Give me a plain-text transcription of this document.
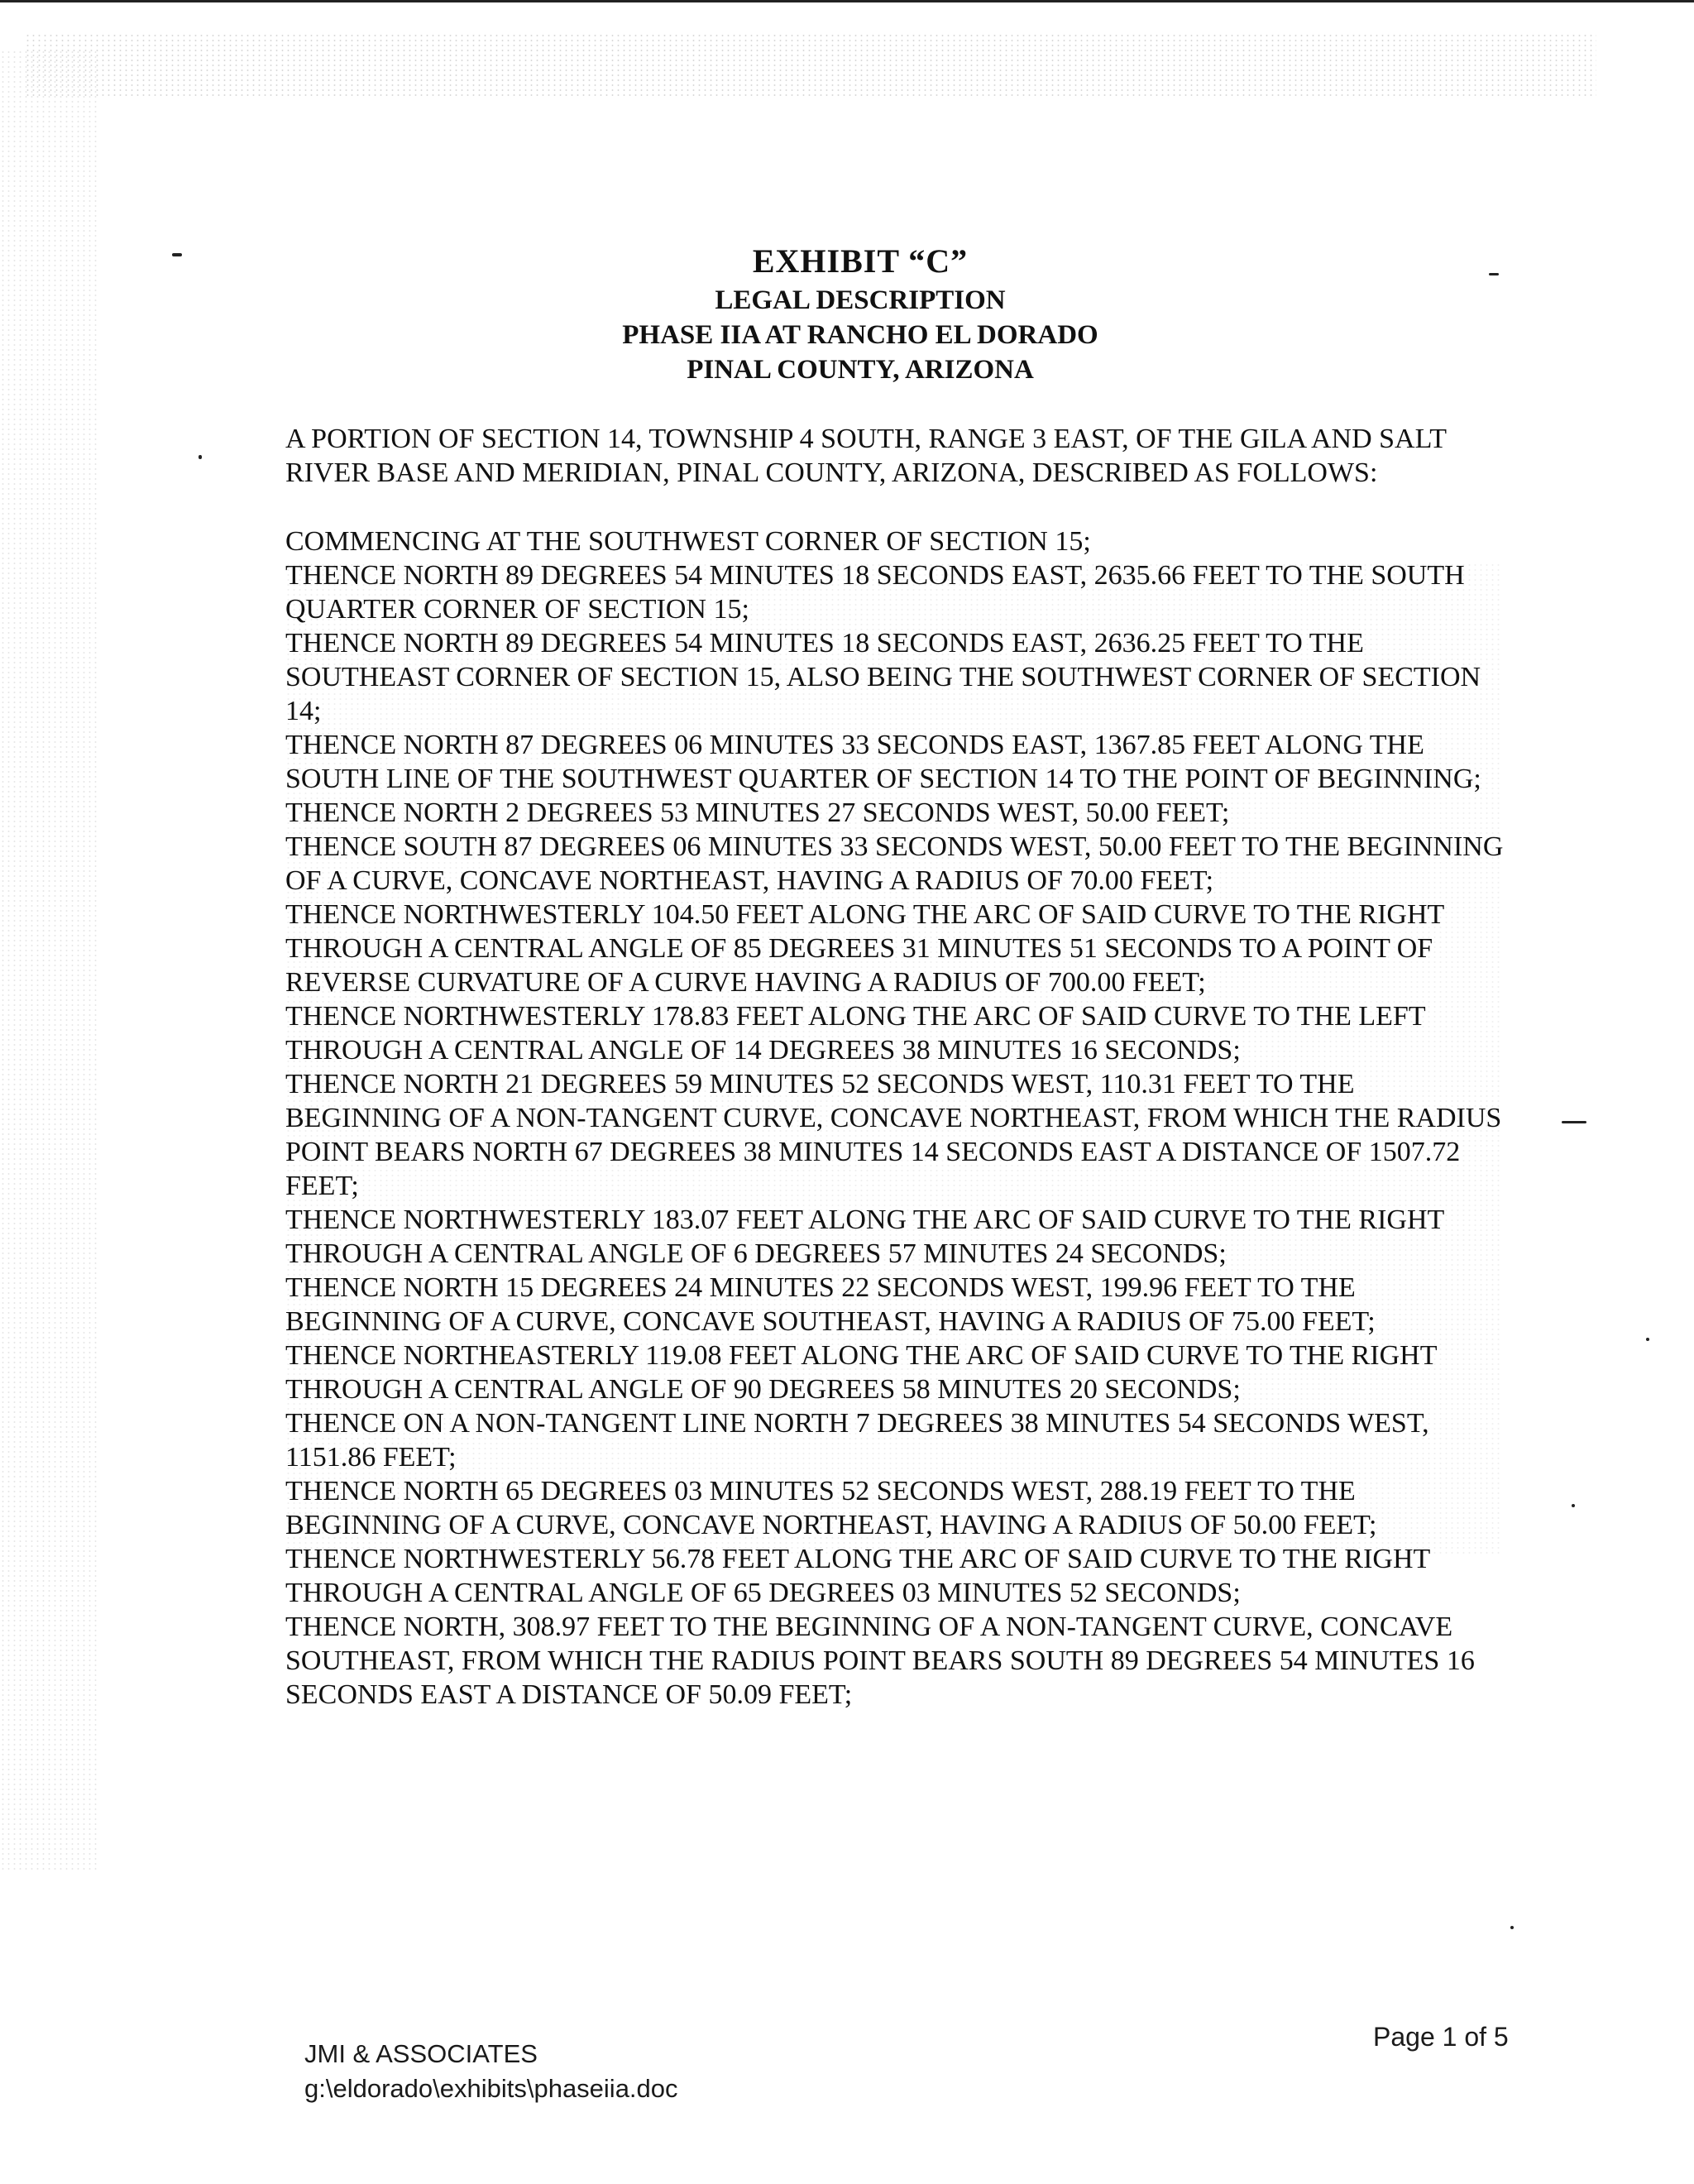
EXHIBIT “C”
LEGAL DESCRIPTION
PHASE IIA AT RANCHO EL DORADO
PINAL COUNTY, ARIZONA

A PORTION OF SECTION 14, TOWNSHIP 4 SOUTH, RANGE 3 EAST, OF THE GILA AND SALT RIVER BASE AND MERIDIAN, PINAL COUNTY, ARIZONA, DESCRIBED AS FOLLOWS:

COMMENCING AT THE SOUTHWEST CORNER OF SECTION 15;

THENCE NORTH 89 DEGREES 54 MINUTES 18 SECONDS EAST, 2635.66 FEET TO THE SOUTH QUARTER CORNER OF SECTION 15;

THENCE NORTH 89 DEGREES 54 MINUTES 18 SECONDS EAST, 2636.25 FEET TO THE SOUTHEAST CORNER OF SECTION 15, ALSO BEING THE SOUTHWEST CORNER OF SECTION 14;

THENCE NORTH 87 DEGREES 06 MINUTES 33 SECONDS EAST, 1367.85 FEET ALONG THE SOUTH LINE OF THE SOUTHWEST QUARTER OF SECTION 14 TO THE POINT OF BEGINNING;

THENCE NORTH 2 DEGREES 53 MINUTES 27 SECONDS WEST, 50.00 FEET;

THENCE SOUTH 87 DEGREES 06 MINUTES 33 SECONDS WEST, 50.00 FEET TO THE BEGINNING OF A CURVE, CONCAVE NORTHEAST, HAVING A RADIUS OF 70.00 FEET;

THENCE NORTHWESTERLY 104.50 FEET ALONG THE ARC OF SAID CURVE TO THE RIGHT THROUGH A CENTRAL ANGLE OF 85 DEGREES 31 MINUTES 51 SECONDS TO A POINT OF REVERSE CURVATURE OF A CURVE HAVING A RADIUS OF 700.00 FEET;

THENCE NORTHWESTERLY 178.83 FEET ALONG THE ARC OF SAID CURVE TO THE LEFT THROUGH A CENTRAL ANGLE OF 14 DEGREES 38 MINUTES 16 SECONDS;

THENCE NORTH 21 DEGREES 59 MINUTES 52 SECONDS WEST, 110.31 FEET TO THE BEGINNING OF A NON-TANGENT CURVE, CONCAVE NORTHEAST, FROM WHICH THE RADIUS POINT BEARS NORTH 67 DEGREES 38 MINUTES 14 SECONDS EAST A DISTANCE OF 1507.72 FEET;

THENCE NORTHWESTERLY 183.07 FEET ALONG THE ARC OF SAID CURVE TO THE RIGHT THROUGH A CENTRAL ANGLE OF 6 DEGREES 57 MINUTES 24 SECONDS;

THENCE NORTH 15 DEGREES 24 MINUTES 22 SECONDS WEST, 199.96 FEET TO THE BEGINNING OF A CURVE, CONCAVE SOUTHEAST, HAVING A RADIUS OF 75.00 FEET;

THENCE NORTHEASTERLY 119.08 FEET ALONG THE ARC OF SAID CURVE TO THE RIGHT THROUGH A CENTRAL ANGLE OF 90 DEGREES 58 MINUTES 20 SECONDS;

THENCE ON A NON-TANGENT LINE NORTH 7 DEGREES 38 MINUTES 54 SECONDS WEST, 1151.86 FEET;

THENCE NORTH 65 DEGREES 03 MINUTES 52 SECONDS WEST, 288.19 FEET TO THE BEGINNING OF A CURVE, CONCAVE NORTHEAST, HAVING A RADIUS OF 50.00 FEET;

THENCE NORTHWESTERLY 56.78 FEET ALONG THE ARC OF SAID CURVE TO THE RIGHT THROUGH A CENTRAL ANGLE OF 65 DEGREES 03 MINUTES 52 SECONDS;

THENCE NORTH, 308.97 FEET TO THE BEGINNING OF A NON-TANGENT CURVE, CONCAVE SOUTHEAST, FROM WHICH THE RADIUS POINT BEARS SOUTH 89 DEGREES 54 MINUTES 16 SECONDS EAST A DISTANCE OF 50.09 FEET;

JMI & ASSOCIATES
g:\eldorado\exhibits\phaseiia.doc
Page 1 of 5
